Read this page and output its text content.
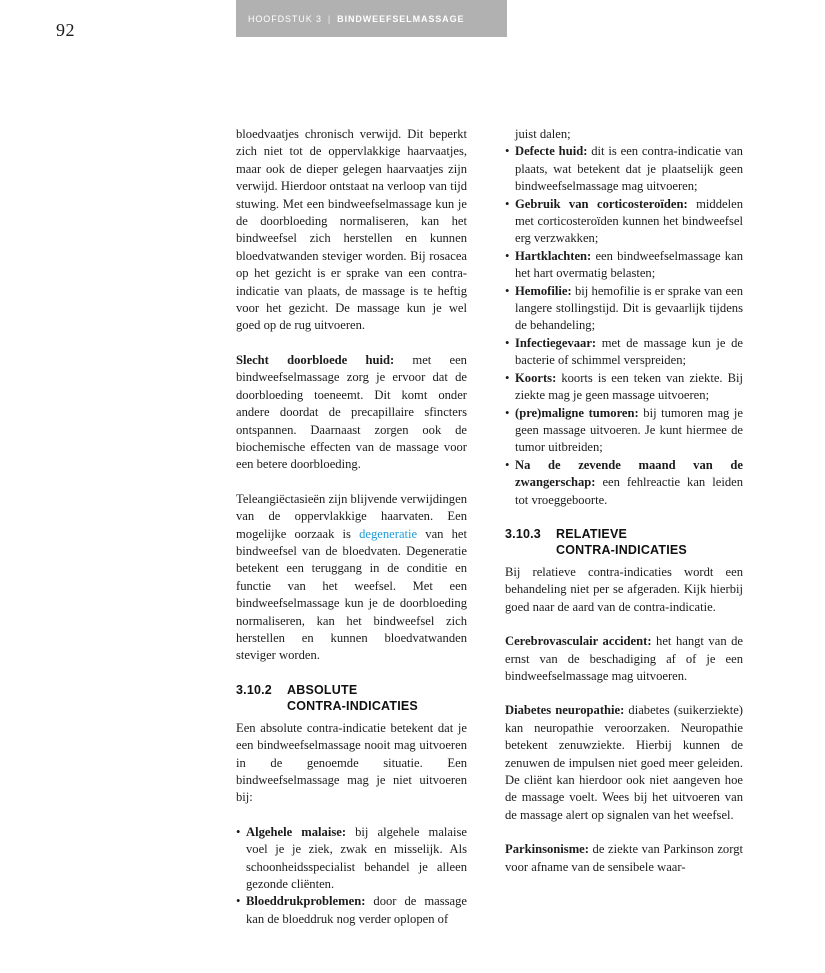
92
HOOFDSTUK 3 | BINDWEEFSELMASSAGE
bloedvaatjes chronisch verwijd. Dit beperkt zich niet tot de oppervlakkige haarvaatjes, maar ook de dieper gelegen haarvaatjes zijn verwijd. Hierdoor ontstaat na verloop van tijd stuwing. Met een bindweefselmassage kun je de doorbloeding normaliseren, kan het bindweefsel zich herstellen en kunnen bloedvatwanden steviger worden. Bij rosacea op het gezicht is er sprake van een contra-indicatie van plaats, de massage is te heftig voor het gezicht. De massage kun je wel goed op de rug uitvoeren.
Slecht doorbloede huid: met een bindweefselmassage zorg je ervoor dat de doorbloeding toeneemt. Dit komt onder andere doordat de precapillaire sfincters ontspannen. Daarnaast zorgen ook de biochemische effecten van de massage voor een betere doorbloeding.
Teleangiëctasieën zijn blijvende verwijdingen van de oppervlakkige haarvaten. Een mogelijke oorzaak is degeneratie van het bindweefsel van de bloedvaten. Degeneratie betekent een teruggang in de conditie en functie van het weefsel. Met een bindweefselmassage kun je de doorbloeding normaliseren, kan het bindweefsel zich herstellen en kunnen bloedvatwanden steviger worden.
3.10.2	ABSOLUTE
CONTRA-INDICATIES
Een absolute contra-indicatie betekent dat je een bindweefselmassage nooit mag uitvoeren in de genoemde situatie. Een bindweefselmassage mag je niet uitvoeren bij:
• Algehele malaise: bij algehele malaise voel je je ziek, zwak en misselijk. Als schoonheidsspecialist behandel je alleen gezonde cliënten.
• Bloeddrukproblemen: door de massage kan de bloeddruk nog verder oplopen of
juist dalen;
• Defecte huid: dit is een contra-indicatie van plaats, wat betekent dat je plaatselijk geen bindweefselmassage mag uitvoeren;
• Gebruik van corticosteroïden: middelen met corticosteroïden kunnen het bindweefsel erg verzwakken;
• Hartklachten: een bindweefselmassage kan het hart overmatig belasten;
• Hemofilie: bij hemofilie is er sprake van een langere stollingstijd. Dit is gevaarlijk tijdens de behandeling;
• Infectiegevaar: met de massage kun je de bacterie of schimmel verspreiden;
• Koorts: koorts is een teken van ziekte. Bij ziekte mag je geen massage uitvoeren;
• (pre)maligne tumoren: bij tumoren mag je geen massage uitvoeren. Je kunt hiermee de tumor uitbreiden;
• Na de zevende maand van de zwangerschap: een fehlreactie kan leiden tot vroeggeboorte.
3.10.3	RELATIEVE
CONTRA-INDICATIES
Bij relatieve contra-indicaties wordt een behandeling niet per se afgeraden. Kijk hierbij goed naar de aard van de contra-indicatie.
Cerebrovasculair accident: het hangt van de ernst van de beschadiging af of je een bindweefselmassage mag uitvoeren.
Diabetes neuropathie: diabetes (suikerziekte) kan neuropathie veroorzaken. Neuropathie betekent zenuwziekte. Hierbij kunnen de zenuwen de impulsen niet goed meer geleiden. De cliënt kan hierdoor ook niet aangeven hoe de massage voelt. Wees bij het uitvoeren van de massage alert op signalen van het weefsel.
Parkinsonisme: de ziekte van Parkinson zorgt voor afname van de sensibele waar-
